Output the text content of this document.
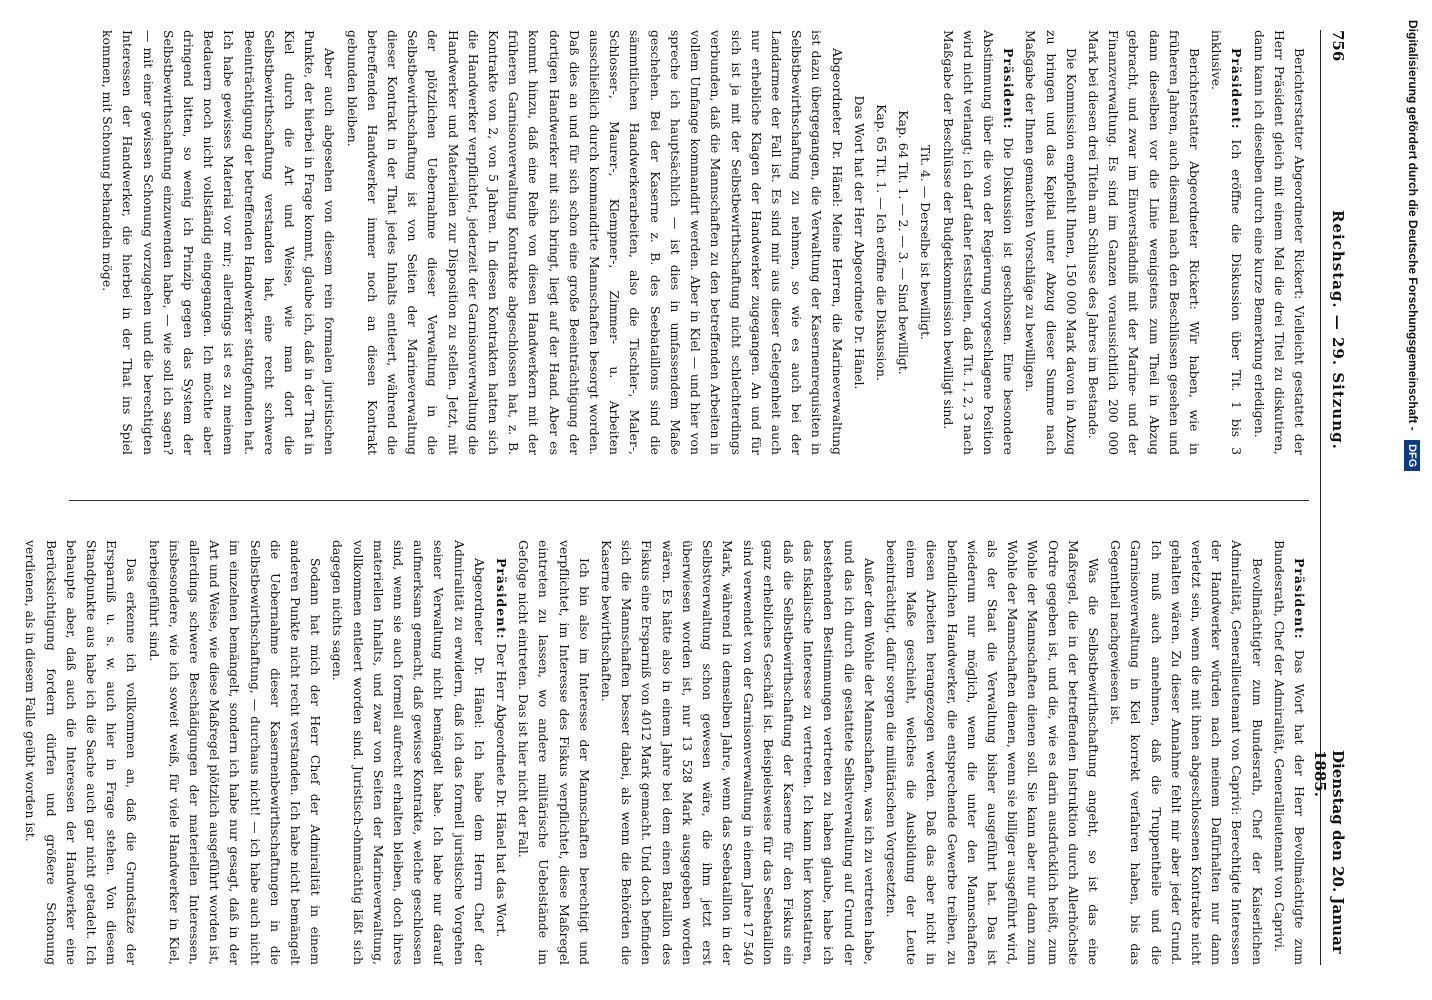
756
Reichstag. — 29. Sitzung.
Dienstag den 20. Januar 1885.

Berichterstatter Abgeordneter Rickert: Vielleicht gestattet der Herr Präsident gleich mit einem Mal die drei Titel zu diskutiren, dann kann ich dieselben durch eine kurze Bemerkung erledigen.

Präsident: Ich eröffne die Diskussion über Tit. 1 bis 3 inklusive.

Berichterstatter Abgeordneter Rickert: Wir haben, wie in früheren Jahren, auch diesmal nach den Beschlüssen gesehen und dann dieselben vor die Linie wenigstens zum Theil in Abzug gebracht, und zwar im Einverständniß mit der Marine- und der Finanzverwaltung. Es sind im Ganzen voraussichtlich 200 000 Mark bei diesen drei Titeln am Schlusse des Jahres im Bestande.

Die Kommission empfiehlt Ihnen, 150 000 Mark davon in Abzug zu bringen und das Kapital unter Abzug dieser Summe nach Maßgabe der Ihnen gemachten Vorschläge zu bewilligen.

Präsident: Die Diskussion ist geschlossen. Eine besondere Abstimmung über die von der Regierung vorgeschlagene Position wird nicht verlangt; ich darf daher feststellen, daß Tit. 1, 2, 3 nach Maßgabe der Beschlüsse der Budgetkommission bewilligt sind.

Tit. 4. — Derselbe ist bewilligt.

Kap. 64 Tit. 1. — 2. — 3. — Sind bewilligt.

Kap. 65 Tit. 1. — Ich eröffne die Diskussion.

Das Wort hat der Herr Abgeordnete Dr. Hänel.

Abgeordneter Dr. Hänel: Meine Herren, die Marineverwaltung ist dazu übergegangen, die Verwaltung der Kasernenrequisiten in Selbstbewirthschaftung zu nehmen, so wie es auch bei der Landarmee der Fall ist. Es sind mir aus dieser Gelegenheit auch nur erhebliche Klagen der Handwerker zugegangen. An und für sich ist ja mit der Selbstbewirthschaftung nicht schlechterdings verbunden, daß die Mannschaften zu den betreffenden Arbeiten in vollem Umfange kommandirt werden. Aber in Kiel — und hier von spreche ich hauptsächlich — ist dies in umfassendem Maße geschehen. Bei der Kaserne z. B. des Seebataillons sind die sämmtlichen Handwerkerarbeiten, also die Tischler-, Maler-, Schlosser-, Maurer-, Klempner-, Zimmer- u. Arbeiten ausschließlich durch kommandirte Mannschaften besorgt worden. Daß dies an und für sich schon eine große Beeinträchtigung der dortigen Handwerker mit sich bringt, liegt auf der Hand. Aber es kommt hinzu, daß eine Reihe von diesen Handwerkern mit der früheren Garnisonverwaltung Kontrakte abgeschlossen hat, z. B. Kontrakte von 2, von 5 Jahren. In diesen Kontrakten hatten sich die Handwerker verpflichtet, jederzeit der Garnisonverwaltung die Handwerker und Materialien zur Disposition zu stellen. Jetzt, mit der plötzlichen Uebernahme dieser Verwaltung in die Selbstbewirthschaftung ist von Seiten der Marineverwaltung dieser Kontrakt in der That jedes Inhalts entleert, während die betreffenden Handwerker immer noch an diesen Kontrakt gebunden bleiben.

Aber auch abgesehen von diesem rein formalen juristischen Punkte, der hierbei in Frage kommt, glaube ich, daß in der That in Kiel durch die Art und Weise, wie man dort die Selbstbewirthschaftung verstanden hat, eine recht schwere Beeinträchtigung der betreffenden Handwerker stattgefunden hat. Ich habe gewisses Material vor mir; allerdings ist es zu meinem Bedauern noch nicht vollständig eingegangen. Ich möchte aber dringend bitten, so wenig ich Prinzip gegen das System der Selbstbewirthschaftung einzuwenden habe, — wie soll ich sagen? — mit einer gewissen Schonung vorzugehen und die berechtigten Interessen der Handwerker, die hierbei in der That ins Spiel kommen, mit Schonung behandeln möge.

Präsident: Das Wort hat der Herr Bevollmächtigte zum Bundesrath, Chef der Admiralität, Generallieutenant von Caprivi.

Bevollmächtigter zum Bundesrath, Chef der Kaiserlichen Admiralität, Generallieutenant von Caprivi: Berechtigte Interessen der Handwerker würden nach meinem Dafürhalten nur dann verletzt sein, wenn die mit ihnen abgeschlossenen Kontrakte nicht gehalten wären. Zu dieser Annahme fehlt mir aber jeder Grund. Ich muß auch annehmen, daß die Truppentheile und die Garnisonverwaltung in Kiel korrekt verfahren haben, bis das Gegentheil nachgewiesen ist.

Was die Selbstbewirthschaftung angeht, so ist das eine Maßregel, die in der betreffenden Instruktion durch Allerhöchste Ordre gegeben ist, und die, wie es darin ausdrücklich heißt, zum Wohle der Mannschaften dienen soll. Sie kann aber nur dann zum Wohle der Mannschaften dienen, wenn sie billiger ausgeführt wird, als der Staat die Verwaltung bisher ausgeführt hat. Das ist wiederum nur möglich, wenn die unter den Mannschaften befindlichen Handwerker, die entsprechende Gewerbe treiben, zu diesen Arbeiten herangezogen werden. Daß das aber nicht in einem Maße geschieht, welches die Ausbildung der Leute beeinträchtigt, dafür sorgen die militärischen Vorgesetzten.

Außer dem Wohle der Mannschaften, was ich zu vertreten habe, und das ich durch die gestattete Selbstverwaltung auf Grund der bestehenden Bestimmungen vertreten zu haben glaube, habe ich das fiskalische Interesse zu vertreten. Ich kann hier konstatiren, daß die Selbstbewirthschaftung der Kaserne für den Fiskus ein ganz erhebliches Geschäft ist. Beispielsweise für das Seebataillon sind verwendet von der Garnisonverwaltung in einem Jahre 17 540 Mark, während in demselben Jahre, wenn das Seebataillon in der Selbstverwaltung schon gewesen wäre, die ihm jetzt erst überwiesen worden ist, nur 13 528 Mark ausgegeben worden wären. Es hätte also in einem Jahre bei dem einen Bataillon des Fiskus eine Ersparniß von 4012 Mark gemacht. Und doch befinden sich die Mannschaften besser dabei, als wenn die Behörden die Kaserne bewirthschaften.

Ich bin also im Interesse der Mannschaften berechtigt und verpflichtet, im Interesse des Fiskus verpflichtet, diese Maßregel eintreten zu lassen, wo andere militärische Uebelstände im Gefolge nicht eintreten. Das ist hier nicht der Fall.

Präsident: Der Herr Abgeordnete Dr. Hänel hat das Wort.

Abgeordneter Dr. Hänel: Ich habe dem Herrn Chef der Admiralität zu erwidern, daß ich das formell juristische Vorgehen seiner Verwaltung nicht bemängelt habe. Ich habe nur darauf aufmerksam gemacht, daß gewisse Kontrakte, welche geschlossen sind, wenn sie auch formell aufrecht erhalten bleiben, doch ihres materiellen Inhalts, und zwar von Seiten der Marineverwaltung, vollkommen entleert worden sind. Juristisch-ohnmächtig läßt sich dagegen nichts sagen.

Sodann hat mich der Herr Chef der Admiralität in einem anderen Punkte nicht recht verstanden. Ich habe nicht bemängelt die Uebernahme dieser Kasernenbewirthschaftungen in die Selbstbewirthschaftung, — durchaus nicht! — ich habe auch nicht im einzelnen bemängelt, sondern ich habe nur gesagt, daß in der Art und Weise, wie diese Maßregel plötzlich ausgeführt worden ist, allerdings schwere Beschädigungen der materiellen Interessen, insbesondere, wie ich soweit weiß, für viele Handwerker in Kiel, herbeigeführt sind.

Das erkenne ich vollkommen an, daß die Grundsätze der Ersparniß u. s. w. auch hier in Frage stehen. Von diesem Standpunkte aus habe ich die Sache auch gar nicht getadelt. Ich behaupte aber, daß auch die Interessen der Handwerker eine Berücksichtigung fordern dürfen und größere Schonung verdienen, als in diesem Falle geübt worden ist.

Digitalisierung gefördert durch die Deutsche Forschungsgemeinschaft - DFG
